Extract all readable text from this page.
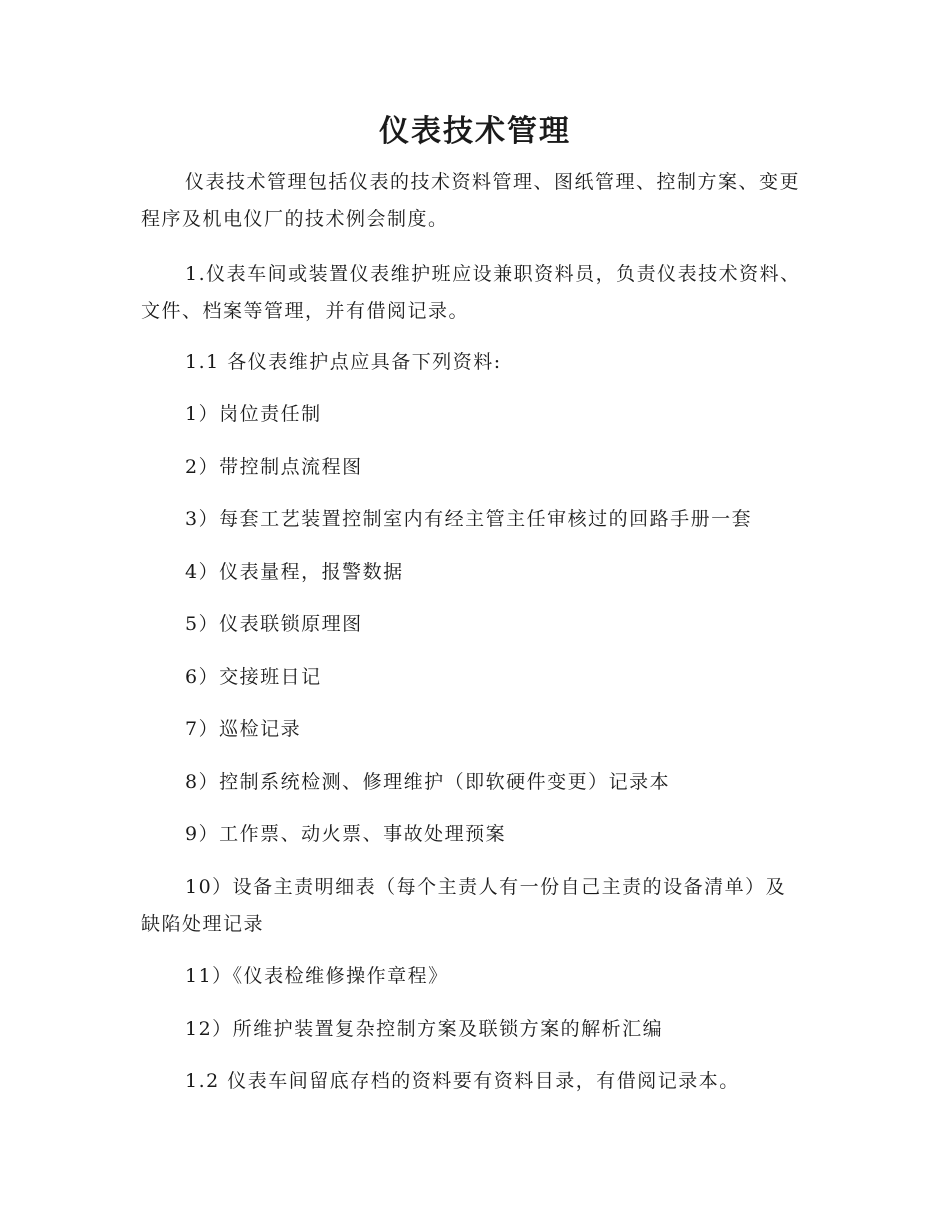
仪表技术管理

仪表技术管理包括仪表的技术资料管理、图纸管理、控制方案、变更程序及机电仪厂的技术例会制度。

1.仪表车间或装置仪表维护班应设兼职资料员，负责仪表技术资料、文件、档案等管理，并有借阅记录。

1.1 各仪表维护点应具备下列资料:

1）岗位责任制

2）带控制点流程图

3）每套工艺装置控制室内有经主管主任审核过的回路手册一套

4）仪表量程，报警数据

5）仪表联锁原理图

6）交接班日记

7）巡检记录

8）控制系统检测、修理维护（即软硬件变更）记录本

9）工作票、动火票、事故处理预案

10）设备主责明细表（每个主责人有一份自己主责的设备清单）及缺陷处理记录

11）《仪表检维修操作章程》

12）所维护装置复杂控制方案及联锁方案的解析汇编

1.2 仪表车间留底存档的资料要有资料目录，有借阅记录本。
